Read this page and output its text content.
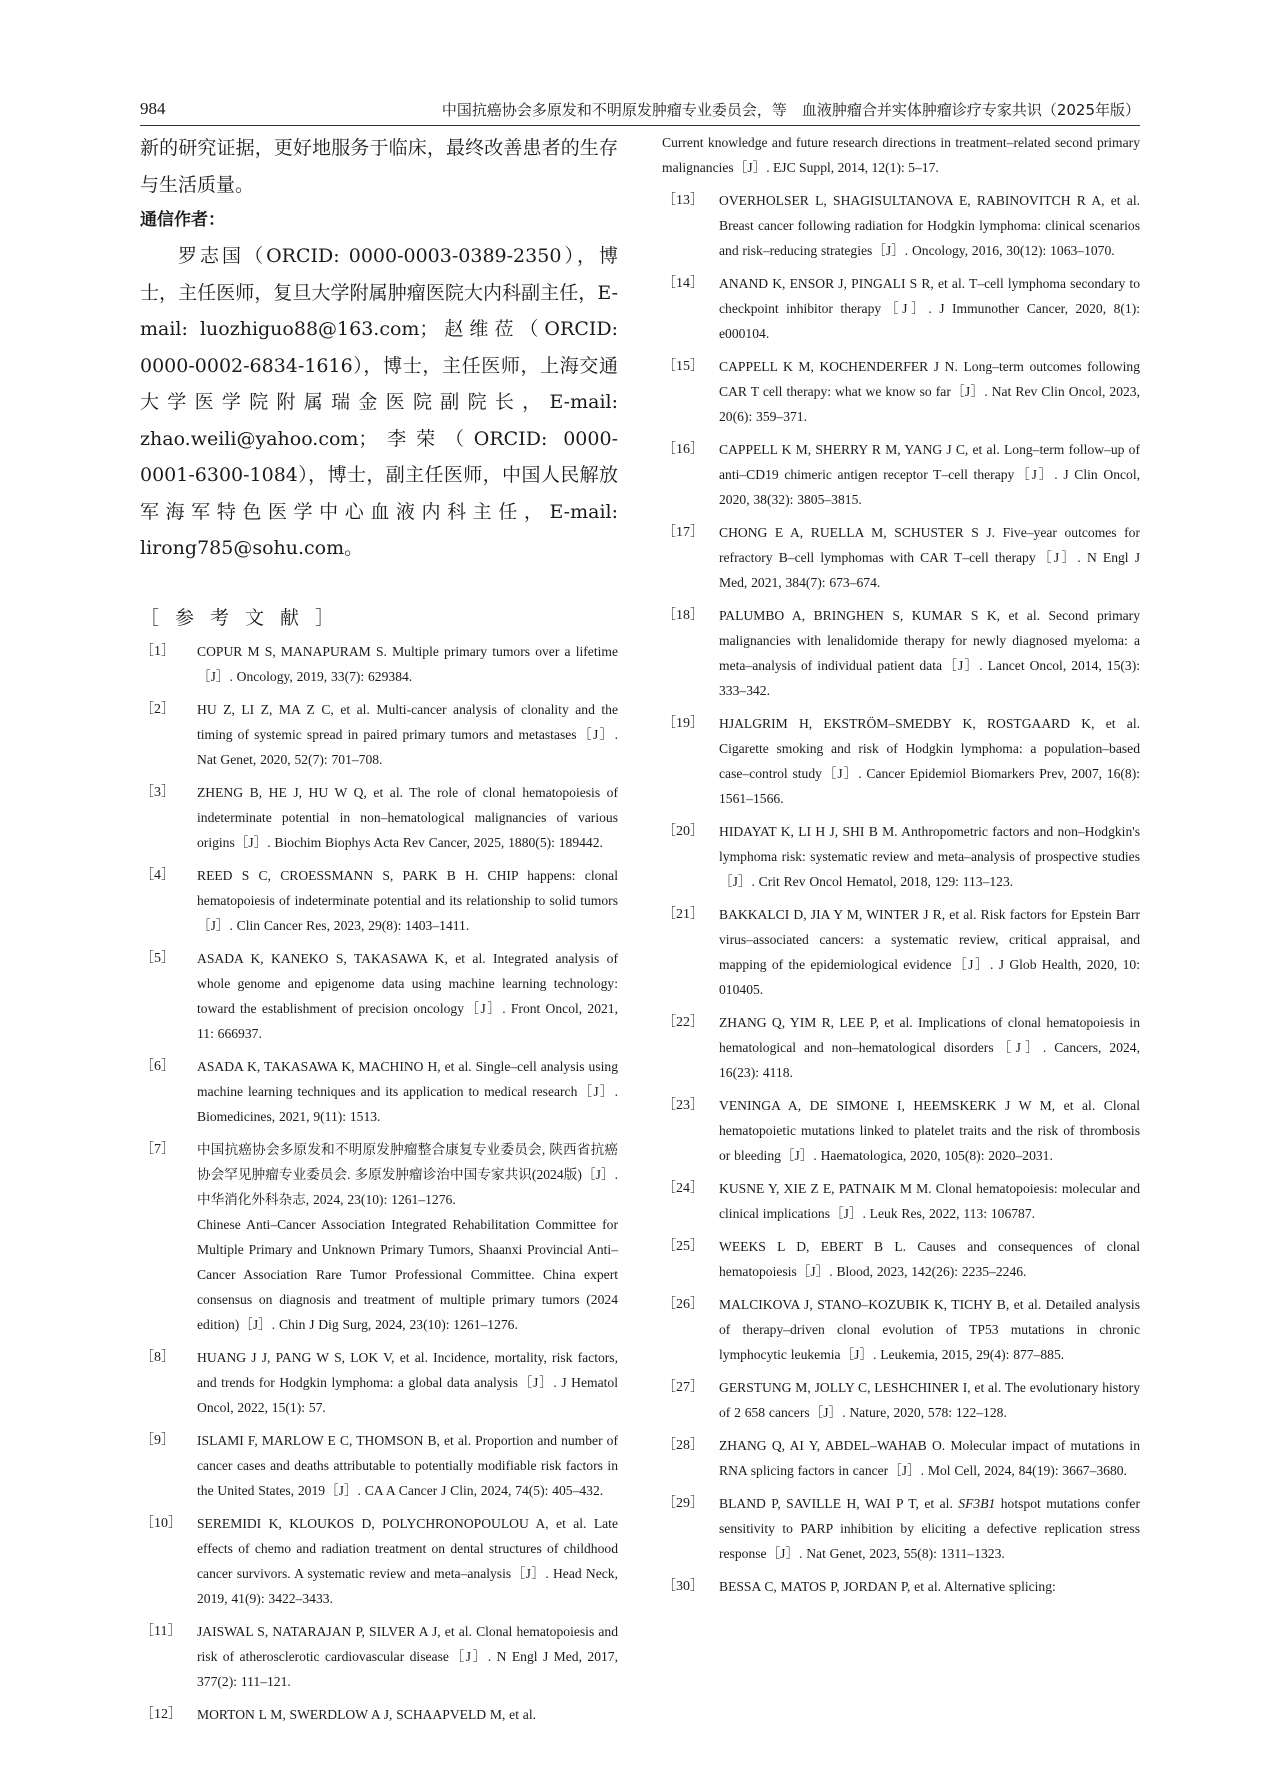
984	中国抗癌协会多原发和不明原发肿瘤专业委员会，等　血液肿瘤合并实体肿瘤诊疗专家共识（2025年版）

新的研究证据，更好地服务于临床，最终改善患者的生存与生活质量。

通信作者：

罗志国（ORCID: 0000-0003-0389-2350），博士，主任医师，复旦大学附属肿瘤医院大内科副主任，E-mail: luozhiguo88@163.com；赵维莅（ORCID: 0000-0002-6834-1616），博士，主任医师，上海交通大学医学院附属瑞金医院副院长，E-mail: zhao.weili@yahoo.com；李荣（ORCID: 0000-0001-6300-1084），博士，副主任医师，中国人民解放军海军特色医学中心血液内科主任，E-mail: lirong785@sohu.com。

［参考文献］
［1］ COPUR M S, MANAPURAM S. Multiple primary tumors over a lifetime［J］. Oncology, 2019, 33(7): 629384.
［2］ HU Z, LI Z, MA Z C, et al. Multi-cancer analysis of clonality and the timing of systemic spread in paired primary tumors and metastases［J］. Nat Genet, 2020, 52(7): 701–708.
［3］ ZHENG B, HE J, HU W Q, et al. The role of clonal hematopoiesis of indeterminate potential in non–hematological malignancies of various origins［J］. Biochim Biophys Acta Rev Cancer, 2025, 1880(5): 189442.
［4］ REED S C, CROESSMANN S, PARK B H. CHIP happens: clonal hematopoiesis of indeterminate potential and its relationship to solid tumors［J］. Clin Cancer Res, 2023, 29(8): 1403–1411.
［5］ ASADA K, KANEKO S, TAKASAWA K, et al. Integrated analysis of whole genome and epigenome data using machine learning technology: toward the establishment of precision oncology［J］. Front Oncol, 2021, 11: 666937.
［6］ ASADA K, TAKASAWA K, MACHINO H, et al. Single–cell analysis using machine learning techniques and its application to medical research［J］. Biomedicines, 2021, 9(11): 1513.
［7］ 中国抗癌协会多原发和不明原发肿瘤整合康复专业委员会, 陕西省抗癌协会罕见肿瘤专业委员会. 多原发肿瘤诊治中国专家共识(2024版)［J］. 中华消化外科杂志, 2024, 23(10): 1261–1276.
Chinese Anti–Cancer Association Integrated Rehabilitation Committee for Multiple Primary and Unknown Primary Tumors, Shaanxi Provincial Anti–Cancer Association Rare Tumor Professional Committee. China expert consensus on diagnosis and treatment of multiple primary tumors (2024 edition)［J］. Chin J Dig Surg, 2024, 23(10): 1261–1276.
［8］ HUANG J J, PANG W S, LOK V, et al. Incidence, mortality, risk factors, and trends for Hodgkin lymphoma: a global data analysis［J］. J Hematol Oncol, 2022, 15(1): 57.
［9］ ISLAMI F, MARLOW E C, THOMSON B, et al. Proportion and number of cancer cases and deaths attributable to potentially modifiable risk factors in the United States, 2019［J］. CA A Cancer J Clin, 2024, 74(5): 405–432.
［10］ SEREMIDI K, KLOUKOS D, POLYCHRONOPOULOU A, et al. Late effects of chemo and radiation treatment on dental structures of childhood cancer survivors. A systematic review and meta–analysis［J］. Head Neck, 2019, 41(9): 3422–3433.
［11］ JAISWAL S, NATARAJAN P, SILVER A J, et al. Clonal hematopoiesis and risk of atherosclerotic cardiovascular disease［J］. N Engl J Med, 2017, 377(2): 111–121.
［12］ MORTON L M, SWERDLOW A J, SCHAAPVELD M, et al.
Current knowledge and future research directions in treatment–related second primary malignancies［J］. EJC Suppl, 2014, 12(1): 5–17.
［13］ OVERHOLSER L, SHAGISULTANOVA E, RABINOVITCH R A, et al. Breast cancer following radiation for Hodgkin lymphoma: clinical scenarios and risk–reducing strategies［J］. Oncology, 2016, 30(12): 1063–1070.
［14］ ANAND K, ENSOR J, PINGALI S R, et al. T–cell lymphoma secondary to checkpoint inhibitor therapy［J］. J Immunother Cancer, 2020, 8(1): e000104.
［15］ CAPPELL K M, KOCHENDERFER J N. Long–term outcomes following CAR T cell therapy: what we know so far［J］. Nat Rev Clin Oncol, 2023, 20(6): 359–371.
［16］ CAPPELL K M, SHERRY R M, YANG J C, et al. Long–term follow–up of anti–CD19 chimeric antigen receptor T–cell therapy［J］. J Clin Oncol, 2020, 38(32): 3805–3815.
［17］ CHONG E A, RUELLA M, SCHUSTER S J. Five–year outcomes for refractory B–cell lymphomas with CAR T–cell therapy［J］. N Engl J Med, 2021, 384(7): 673–674.
［18］ PALUMBO A, BRINGHEN S, KUMAR S K, et al. Second primary malignancies with lenalidomide therapy for newly diagnosed myeloma: a meta–analysis of individual patient data［J］. Lancet Oncol, 2014, 15(3): 333–342.
［19］ HJALGRIM H, EKSTRÖM–SMEDBY K, ROSTGAARD K, et al. Cigarette smoking and risk of Hodgkin lymphoma: a population–based case–control study［J］. Cancer Epidemiol Biomarkers Prev, 2007, 16(8): 1561–1566.
［20］ HIDAYAT K, LI H J, SHI B M. Anthropometric factors and non–Hodgkin's lymphoma risk: systematic review and meta–analysis of prospective studies［J］. Crit Rev Oncol Hematol, 2018, 129: 113–123.
［21］ BAKKALCI D, JIA Y M, WINTER J R, et al. Risk factors for Epstein Barr virus–associated cancers: a systematic review, critical appraisal, and mapping of the epidemiological evidence［J］. J Glob Health, 2020, 10: 010405.
［22］ ZHANG Q, YIM R, LEE P, et al. Implications of clonal hematopoiesis in hematological and non–hematological disorders［J］. Cancers, 2024, 16(23): 4118.
［23］ VENINGA A, DE SIMONE I, HEEMSKERK J W M, et al. Clonal hematopoietic mutations linked to platelet traits and the risk of thrombosis or bleeding［J］. Haematologica, 2020, 105(8): 2020–2031.
［24］ KUSNE Y, XIE Z E, PATNAIK M M. Clonal hematopoiesis: molecular and clinical implications［J］. Leuk Res, 2022, 113: 106787.
［25］ WEEKS L D, EBERT B L. Causes and consequences of clonal hematopoiesis［J］. Blood, 2023, 142(26): 2235–2246.
［26］ MALCIKOVA J, STANO–KOZUBIK K, TICHY B, et al. Detailed analysis of therapy–driven clonal evolution of TP53 mutations in chronic lymphocytic leukemia［J］. Leukemia, 2015, 29(4): 877–885.
［27］ GERSTUNG M, JOLLY C, LESHCHINER I, et al. The evolutionary history of 2 658 cancers［J］. Nature, 2020, 578: 122–128.
［28］ ZHANG Q, AI Y, ABDEL–WAHAB O. Molecular impact of mutations in RNA splicing factors in cancer［J］. Mol Cell, 2024, 84(19): 3667–3680.
［29］ BLAND P, SAVILLE H, WAI P T, et al. SF3B1 hotspot mutations confer sensitivity to PARP inhibition by eliciting a defective replication stress response［J］. Nat Genet, 2023, 55(8): 1311–1323.
［30］ BESSA C, MATOS P, JORDAN P, et al. Alternative splicing:
